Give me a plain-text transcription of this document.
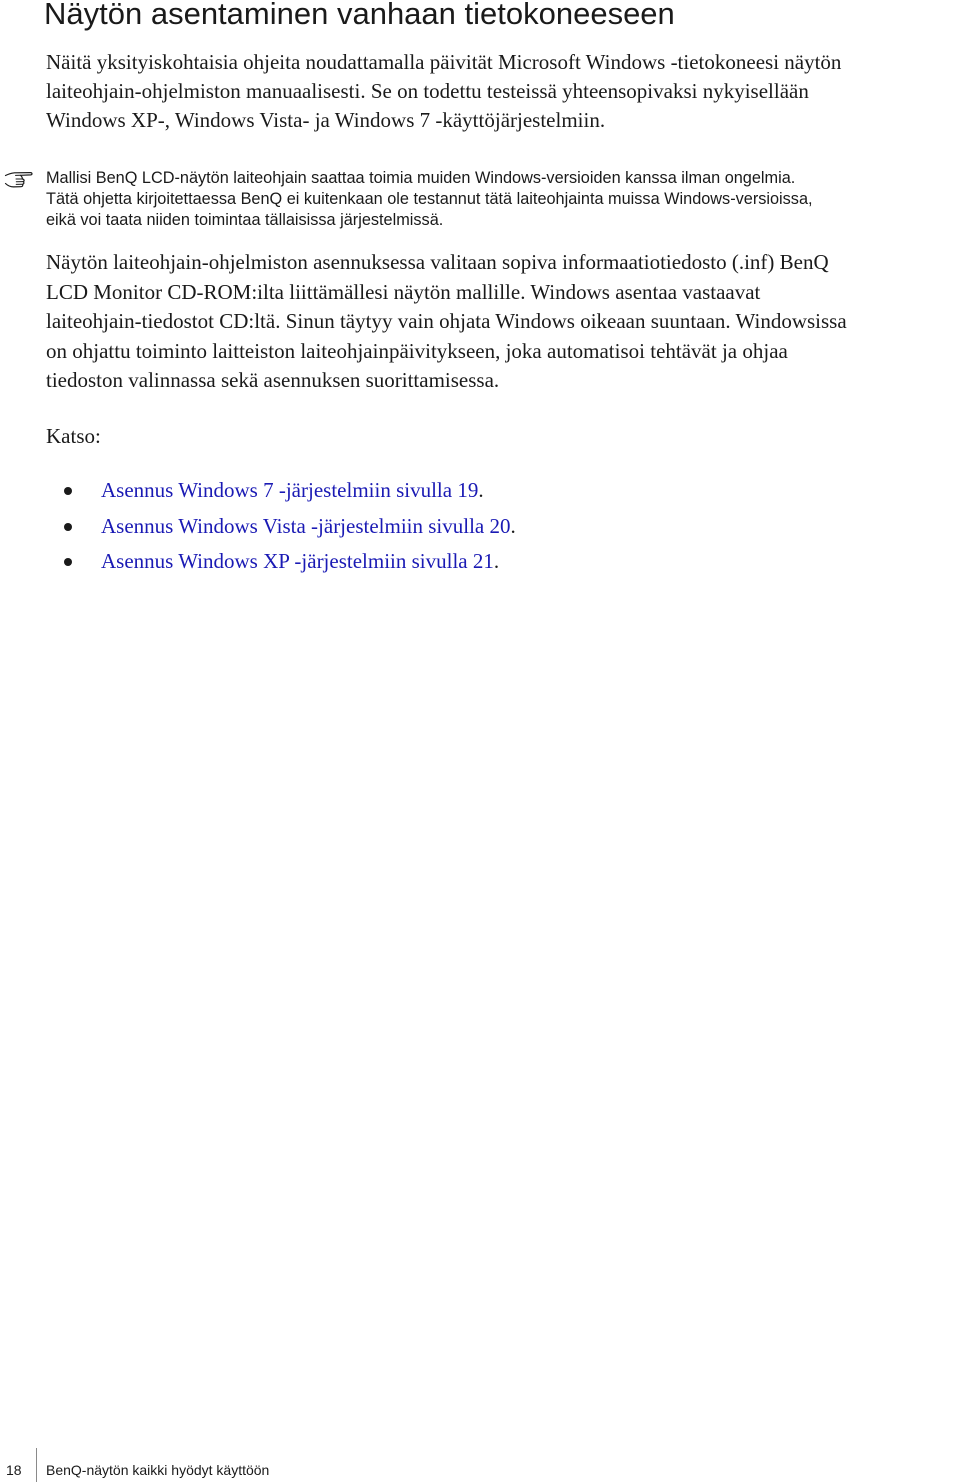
Näytön asentaminen vanhaan tietokoneeseen

Näitä yksityiskohtaisia ohjeita noudattamalla päivität Microsoft Windows -tietokoneesi näytön
laiteohjain-ohjelmiston manuaalisesti. Se on todettu testeissä yhteensopivaksi nykyisellään
Windows XP-, Windows Vista- ja Windows 7 -käyttöjärjestelmiin.

Mallisi BenQ LCD-näytön laiteohjain saattaa toimia muiden Windows-versioiden kanssa ilman ongelmia.
Tätä ohjetta kirjoitettaessa BenQ ei kuitenkaan ole testannut tätä laiteohjainta muissa Windows-versioissa,
eikä voi taata niiden toimintaa tällaisissa järjestelmissä.

Näytön laiteohjain-ohjelmiston asennuksessa valitaan sopiva informaatiotiedosto (.inf) BenQ
LCD Monitor CD-ROM:ilta liittämällesi näytön mallille. Windows asentaa vastaavat
laiteohjain-tiedostot CD:ltä. Sinun täytyy vain ohjata Windows oikeaan suuntaan. Windowsissa
on ohjattu toiminto laitteiston laiteohjainpäivitykseen, joka automatisoi tehtävät ja ohjaa
tiedoston valinnassa sekä asennuksen suorittamisessa.

Katso:

Asennus Windows 7 -järjestelmiin sivulla 19.
Asennus Windows Vista -järjestelmiin sivulla 20.
Asennus Windows XP -järjestelmiin sivulla 21.
18 BenQ-näytön kaikki hyödyt käyttöön
